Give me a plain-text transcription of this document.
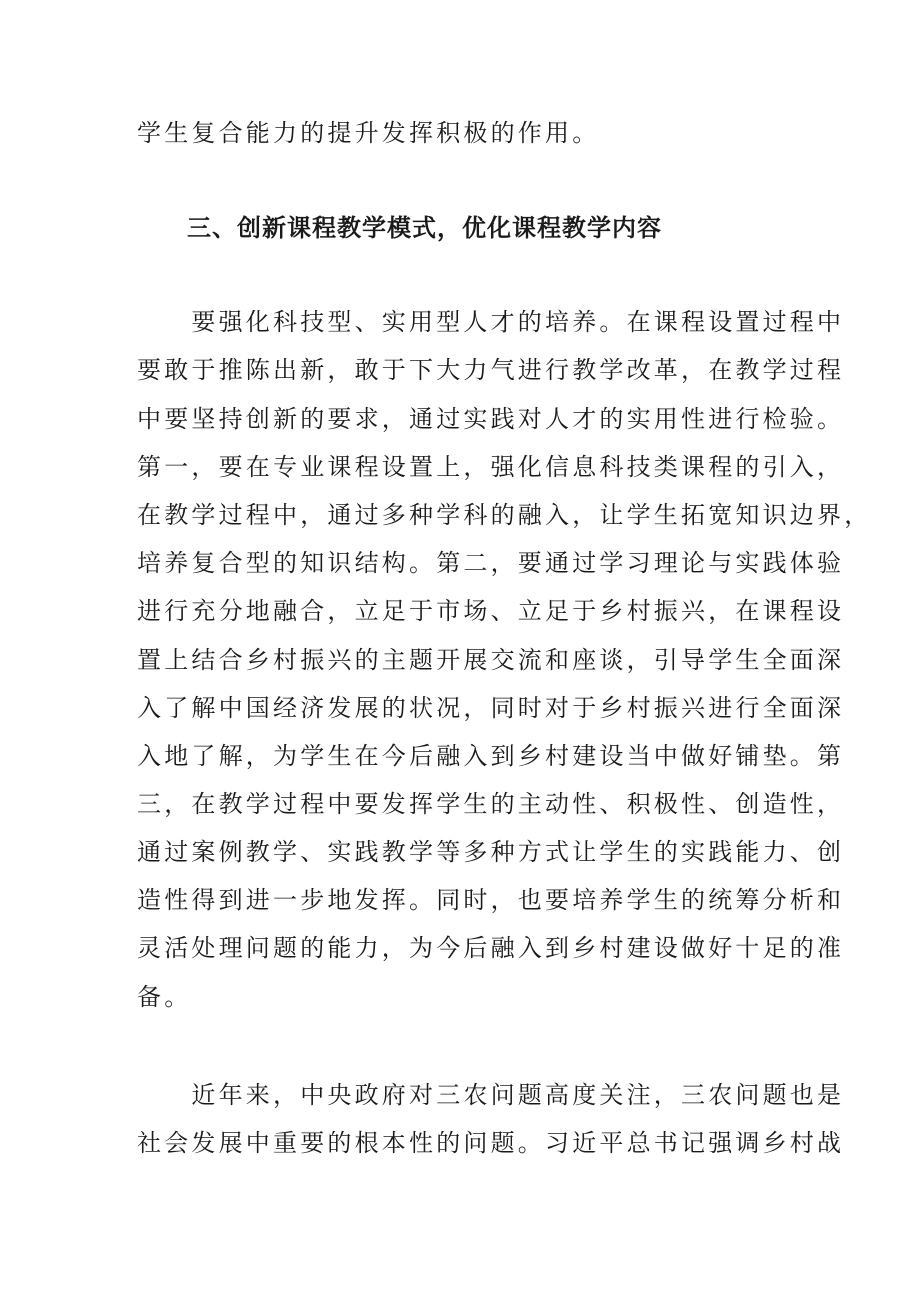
学生复合能力的提升发挥积极的作用。
三、创新课程教学模式，优化课程教学内容
　　要强化科技型、实用型人才的培养。在课程设置过程中
要敢于推陈出新，敢于下大力气进行教学改革，在教学过程
中要坚持创新的要求，通过实践对人才的实用性进行检验。
第一，要在专业课程设置上，强化信息科技类课程的引入，
在教学过程中，通过多种学科的融入，让学生拓宽知识边界，
培养复合型的知识结构。第二，要通过学习理论与实践体验
进行充分地融合，立足于市场、立足于乡村振兴，在课程设
置上结合乡村振兴的主题开展交流和座谈，引导学生全面深
入了解中国经济发展的状况，同时对于乡村振兴进行全面深
入地了解，为学生在今后融入到乡村建设当中做好铺垫。第
三，在教学过程中要发挥学生的主动性、积极性、创造性，
通过案例教学、实践教学等多种方式让学生的实践能力、创
造性得到进一步地发挥。同时，也要培养学生的统筹分析和
灵活处理问题的能力，为今后融入到乡村建设做好十足的准
备。
　　近年来，中央政府对三农问题高度关注，三农问题也是
社会发展中重要的根本性的问题。习近平总书记强调乡村战
